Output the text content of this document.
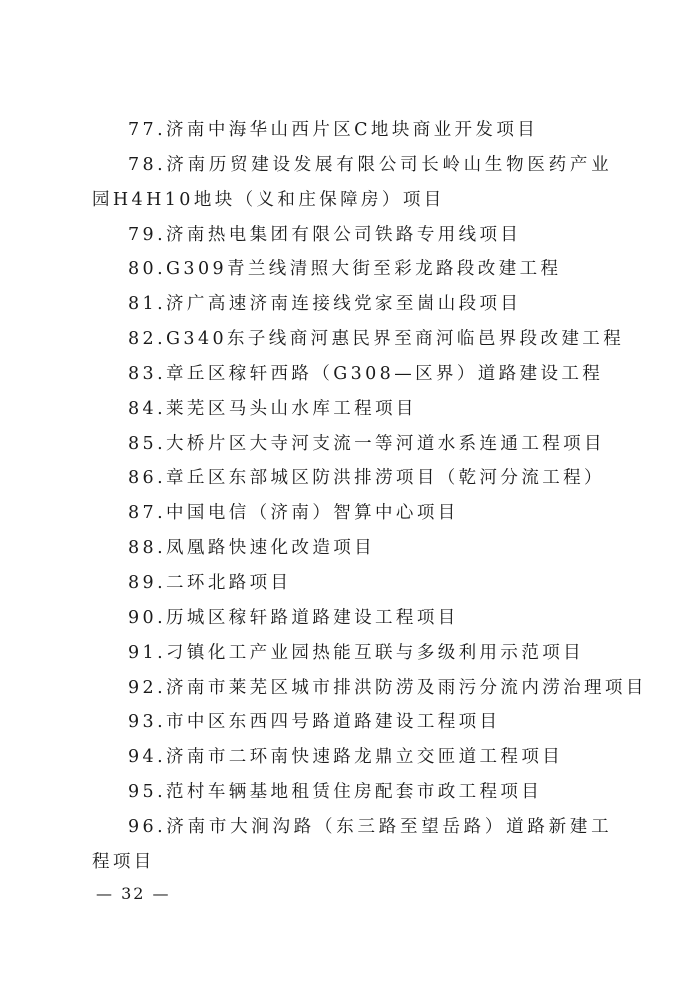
77.济南中海华山西片区C地块商业开发项目
78.济南历贸建设发展有限公司长岭山生物医药产业园H4H10地块（义和庄保障房）项目
79.济南热电集团有限公司铁路专用线项目
80.G309青兰线清照大街至彩龙路段改建工程
81.济广高速济南连接线党家至崮山段项目
82.G340东子线商河惠民界至商河临邑界段改建工程
83.章丘区稼轩西路（G308—区界）道路建设工程
84.莱芜区马头山水库工程项目
85.大桥片区大寺河支流一等河道水系连通工程项目
86.章丘区东部城区防洪排涝项目（乾河分流工程）
87.中国电信（济南）智算中心项目
88.凤凰路快速化改造项目
89.二环北路项目
90.历城区稼轩路道路建设工程项目
91.刁镇化工产业园热能互联与多级利用示范项目
92.济南市莱芜区城市排洪防涝及雨污分流内涝治理项目
93.市中区东西四号路道路建设工程项目
94.济南市二环南快速路龙鼎立交匝道工程项目
95.范村车辆基地租赁住房配套市政工程项目
96.济南市大涧沟路（东三路至望岳路）道路新建工程项目
— 32 —
